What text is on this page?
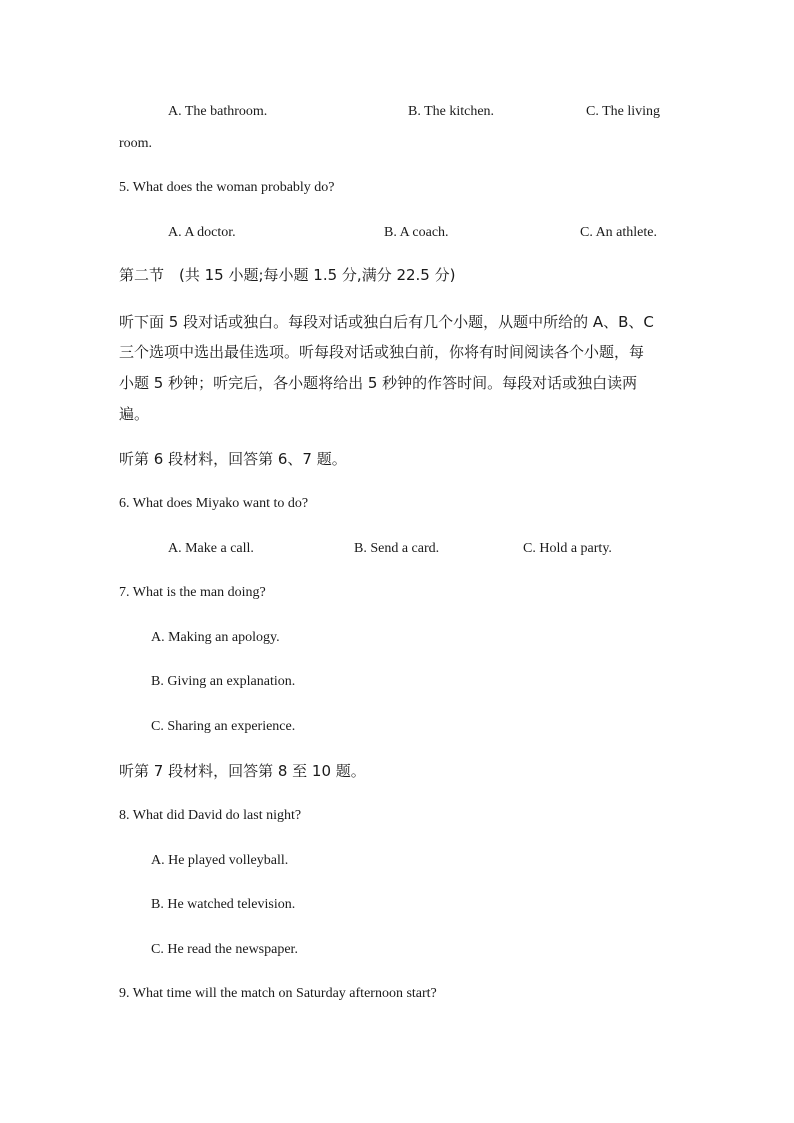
A. The bathroom.	B. The kitchen.	C. The living
room.
5. What does the woman probably do?
A. A doctor.	B. A coach.	C. An athlete.
第二节　(共 15 小题;每小题 1.5 分,满分 22.5 分)
听下面 5 段对话或独白。每段对话或独白后有几个小题，从题中所给的 A、B、C
三个选项中选出最佳选项。听每段对话或独白前，你将有时间阅读各个小题，每
小题 5 秒钟；听完后，各小题将给出 5 秒钟的作答时间。每段对话或独白读两
遍。
听第 6 段材料，回答第 6、7 题。
6. What does Miyako want to do?
A. Make a call.	B. Send a card.	C. Hold a party.
7. What is the man doing?
A. Making an apology.
B. Giving an explanation.
C. Sharing an experience.
听第 7 段材料，回答第 8 至 10 题。
8. What did David do last night?
A. He played volleyball.
B. He watched television.
C. He read the newspaper.
9. What time will the match on Saturday afternoon start?
